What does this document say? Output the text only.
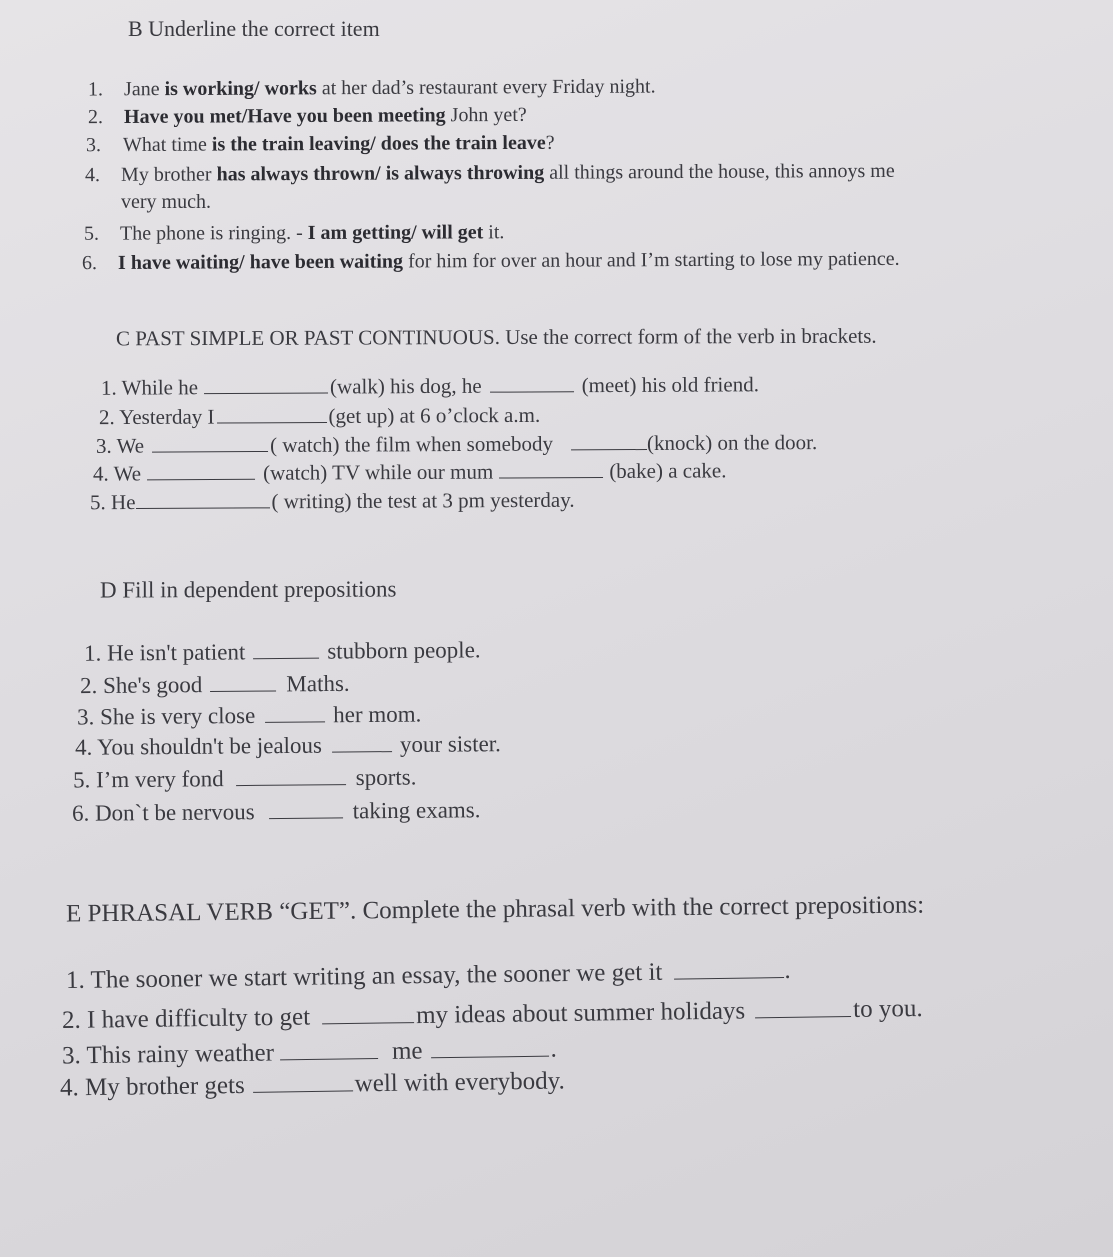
B Underline the correct item
1. Jane is working/ works at her dad’s restaurant every Friday night.
2. Have you met/Have you been meeting John yet?
3. What time is the train leaving/ does the train leave?
4. My brother has always thrown/ is always throwing all things around the house, this annoys me
very much.
5. The phone is ringing. - I am getting/ will get it.
6. I have waiting/ have been waiting for him for over an hour and I’m starting to lose my patience.
C PAST SIMPLE OR PAST CONTINUOUS. Use the correct form of the verb in brackets.
1. While he	(walk) his dog, he	(meet) his old friend.
2. Yesterday I	(get up) at 6 o’clock a.m.
3. We	( watch) the film when somebody	(knock) on the door.
4. We	(watch) TV while our mum	(bake) a cake.
5. He	( writing) the test at 3 pm yesterday.
D Fill in dependent prepositions
1. He isn't patient	stubborn people.
2. She's good	Maths.
3. She is very close	her mom.
4. You shouldn't be jealous	your sister.
5. I’m very fond	sports.
6. Don`t be nervous	taking exams.
E PHRASAL VERB “GET”. Complete the phrasal verb with the correct prepositions:
1. The sooner we start writing an essay, the sooner we get it	.
2. I have difficulty to get	my ideas about summer holidays	to you.
3. This rainy weather	me	.
4. My brother gets	well with everybody.
